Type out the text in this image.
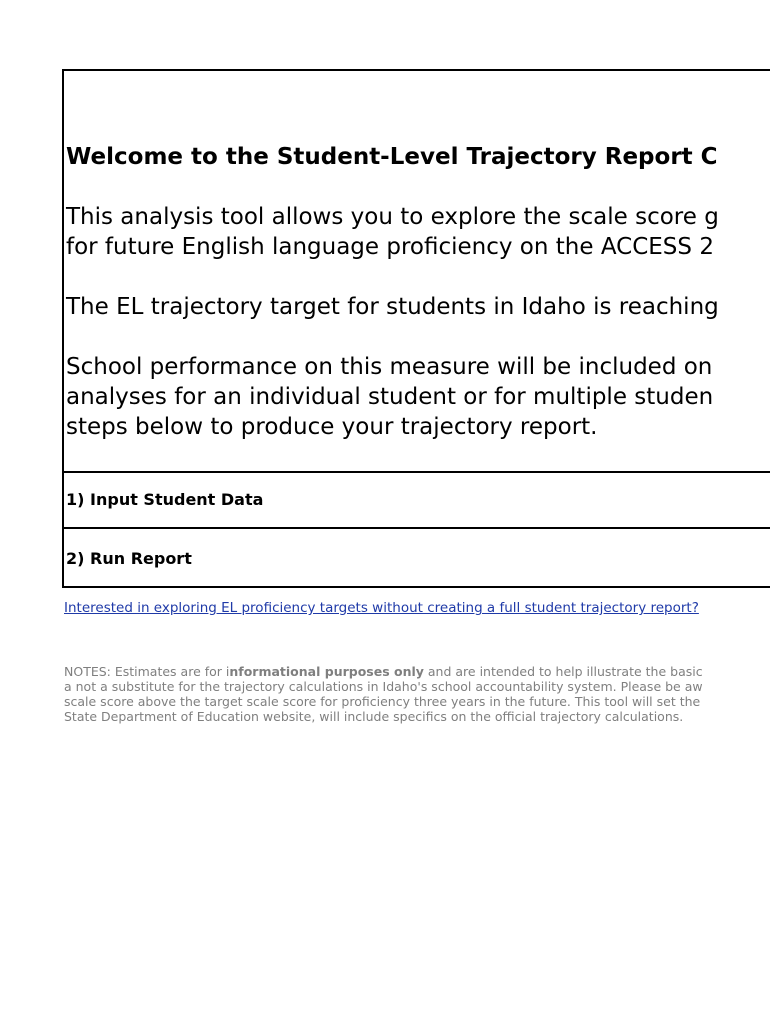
Welcome to the Student-Level Trajectory Report C
This analysis tool allows you to explore the scale score g
for future English language proficiency on the ACCESS 2
The EL trajectory target for students in Idaho is reaching
School performance on this measure will be included on
analyses for an individual student or for multiple studen
steps below to produce your trajectory report.
1) Input Student Data
2) Run Report
Interested in exploring EL proficiency targets without creating a full student trajectory report?
NOTES: Estimates are for informational purposes only and are intended to help illustrate the basic
a not a substitute for the trajectory calculations in Idaho's school accountability system. Please be aw
scale score above the target scale score for proficiency three years in the future. This tool will set the
State Department of Education website, will include specifics on the official trajectory calculations.
